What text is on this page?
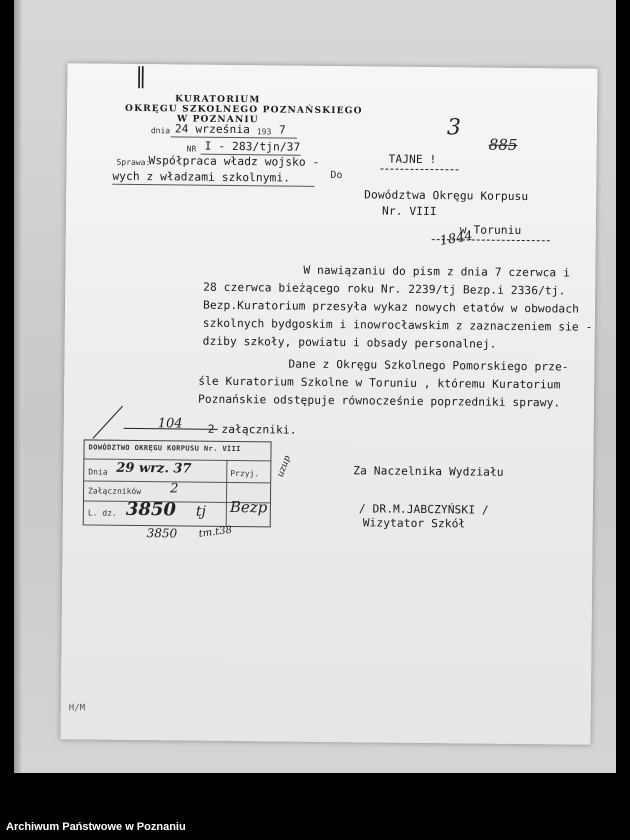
‖
3
885
KURATORIUM
OKRĘGU SZKOLNEGO POZNAŃSKIEGO
W POZNANIU
dnia 24 września 193 7
NR I - 283/tjn/37
Sprawa:
Współpraca władz wojsko -
wych z władzami szkolnymi.	Do
TAJNE !
Dowództwa Okręgu Korpusu
Nr. VIII
w Toruniu
1844
W nawiązaniu do pism z dnia 7 czerwca i
28 czerwca bieżącego roku Nr. 2239/tj Bezp.i 2336/tj.
Bezp.Kuratorium przesyła wykaz nowych etatów w obwodach
szkolnych bydgoskim i inowrocławskim z zaznaczeniem sie -
dziby szkoły, powiatu i obsady personalnej.
Dane z Okręgu Szkolnego Pomorskiego prze-
śle Kuratorium Szkolne w Toruniu , któremu Kuratorium
Poznańskie odstępuje równocześnie poprzedniki sprawy.
104 2 załączniki.
DOWÓDZTWO OKRĘGU KORPUSU Nr. VIII
Dnia 29 wrz. 37	Przyj.
Załączników 2
L. dz. 3850 tj Bezp
uzup
3850 tm.t38
Za Naczelnika Wydziału
/ DR.M.JABCZYŃSKI /
Wizytator Szkół
H/M
Archiwum Państwowe w Poznaniu
